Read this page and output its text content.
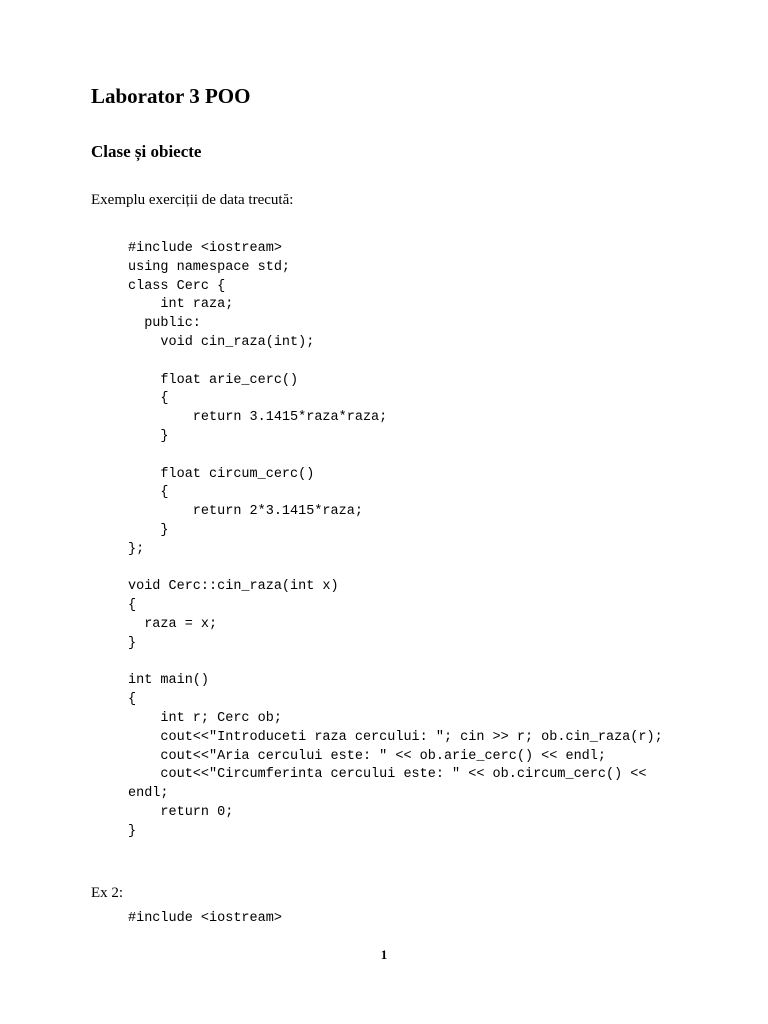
Laborator 3 POO
Clase și obiecte

Exemplu exerciții de data trecută:

#include <iostream>
using namespace std;
class Cerc {
int raza;
public:
void cin_raza(int);

float arie_cerc()
{
return 3.1415*raza*raza;
}

float circum_cerc()
{
return 2*3.1415*raza;
}
};

void Cerc::cin_raza(int x)
{
raza = x;
}

int main()
{
int r; Cerc ob;
cout<<"Introduceti raza cercului: "; cin >> r; ob.cin_raza(r);
cout<<"Aria cercului este: " << ob.arie_cerc() << endl;
cout<<"Circumferinta cercului este: " << ob.circum_cerc() <<
endl;
return 0;
}

Ex 2:

#include <iostream>
1
